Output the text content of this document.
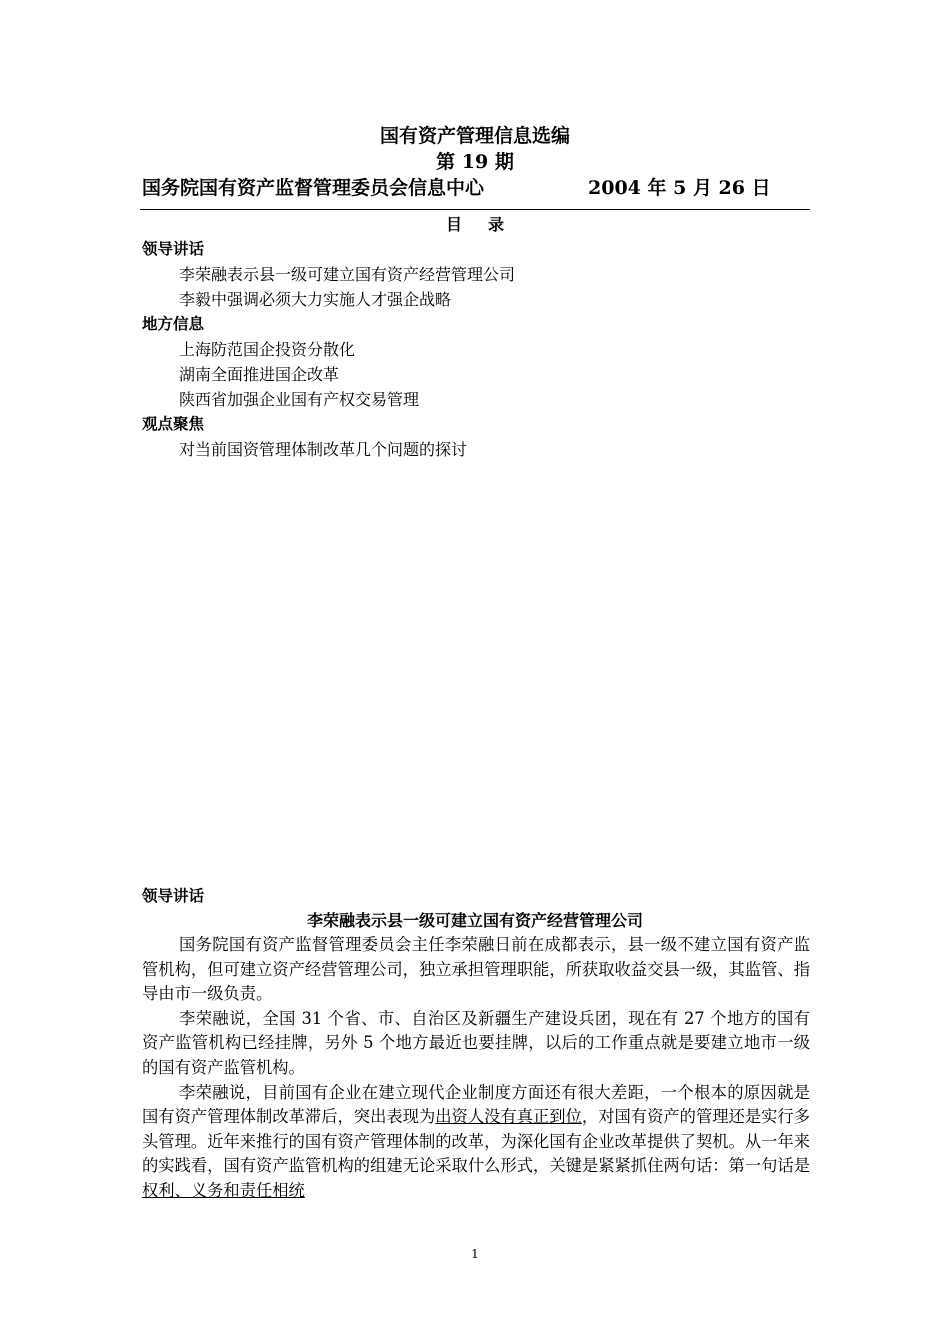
国有资产管理信息选编
第 19 期
国务院国有资产监督管理委员会信息中心	2004 年 5 月 26 日
目录
领导讲话
李荣融表示县一级可建立国有资产经营管理公司
李毅中强调必须大力实施人才强企战略
地方信息
上海防范国企投资分散化
湖南全面推进国企改革
陕西省加强企业国有产权交易管理
观点聚焦
对当前国资管理体制改革几个问题的探讨
领导讲话
李荣融表示县一级可建立国有资产经营管理公司

国务院国有资产监督管理委员会主任李荣融日前在成都表示，县一级不建立国有资产监管机构，但可建立资产经营管理公司，独立承担管理职能，所获取收益交县一级，其监管、指导由市一级负责。

李荣融说，全国 31 个省、市、自治区及新疆生产建设兵团，现在有 27 个地方的国有资产监管机构已经挂牌，另外 5 个地方最近也要挂牌，以后的工作重点就是要建立地市一级的国有资产监管机构。

李荣融说，目前国有企业在建立现代企业制度方面还有很大差距，一个根本的原因就是国有资产管理体制改革滞后，突出表现为出资人没有真正到位，对国有资产的管理还是实行多头管理。近年来推行的国有资产管理体制的改革，为深化国有企业改革提供了契机。从一年来的实践看，国有资产监管机构的组建无论采取什么形式，关键是紧紧抓住两句话：第一句话是权利、义务和责任相统

1
